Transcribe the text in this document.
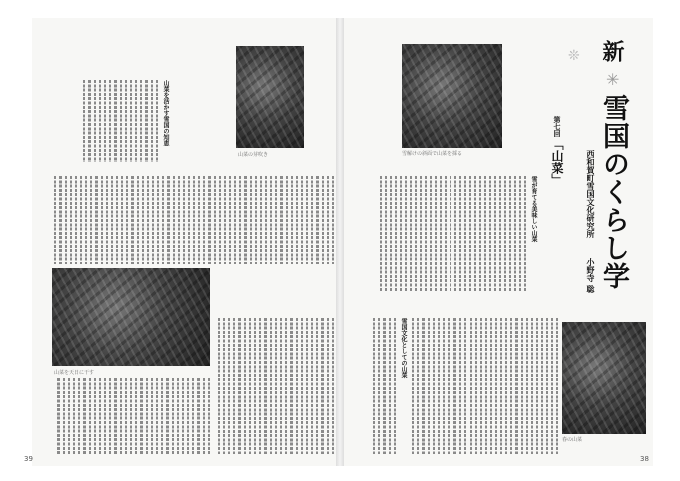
❊ 新
✳
雪国のくらし学
西和賀町雪国文化研究所
小野寺 聡
第七回
「山菜」
雪解けの斜面で山菜を採る
雪が育てる美味しい山菜
雪国文化としての山菜
春の山菜
38
山菜の芽吹き
山菜を活かす雪国の知恵
山菜を天日に干す
39
